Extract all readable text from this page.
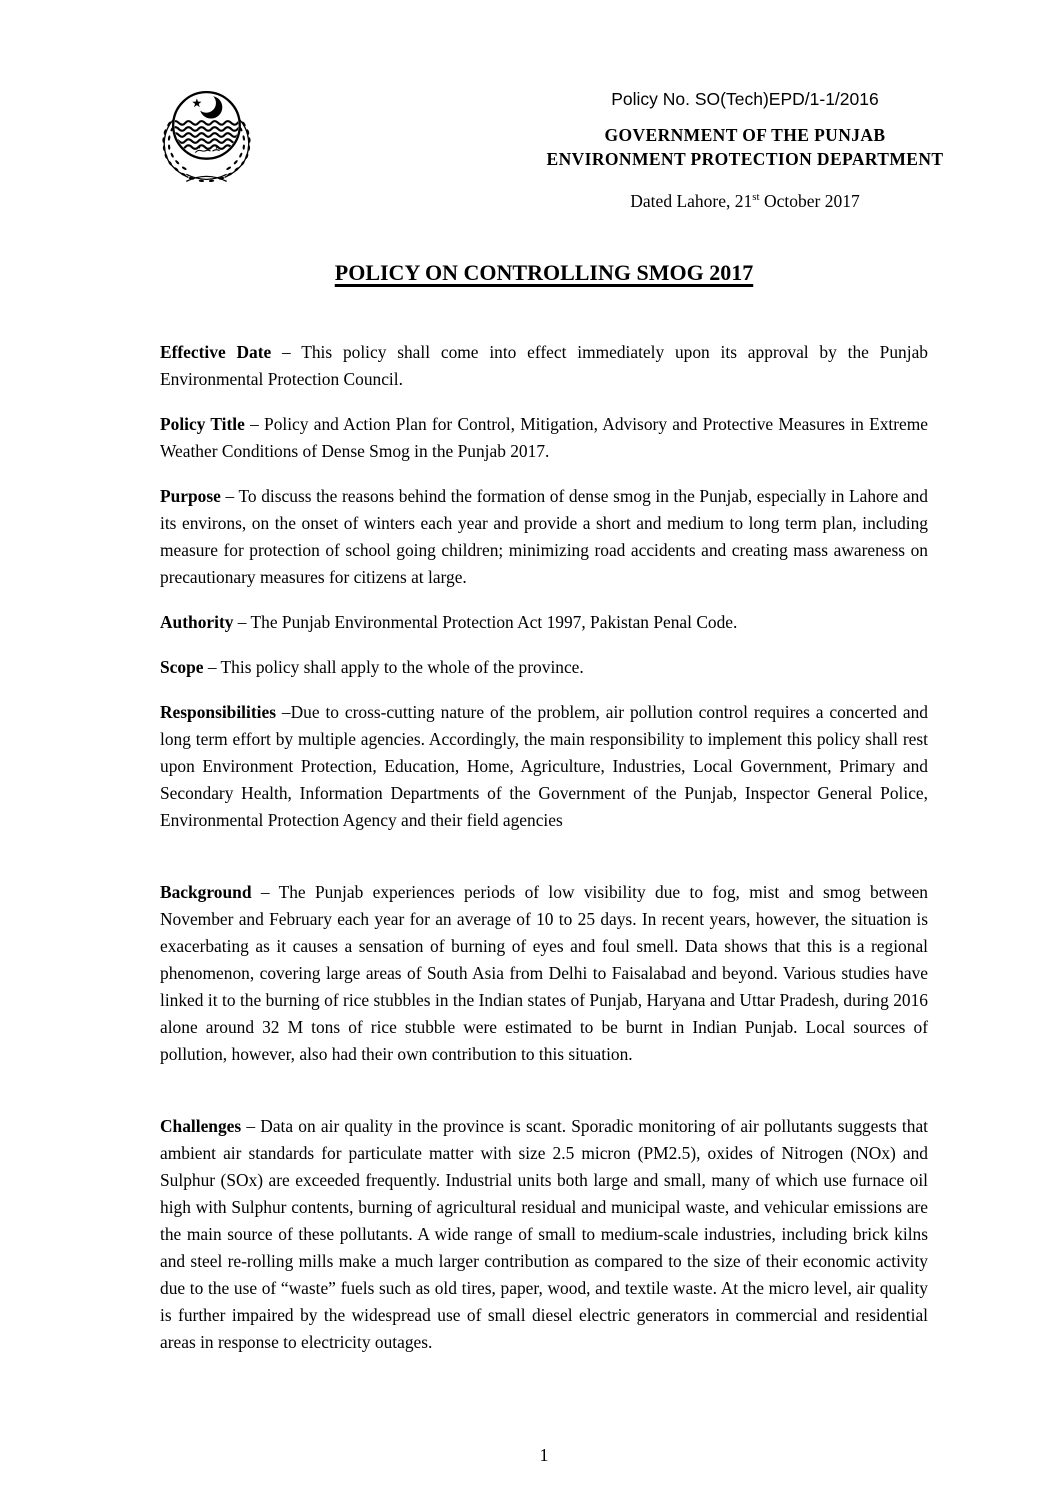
Policy No. SO(Tech)EPD/1-1/2016
GOVERNMENT OF THE PUNJAB
ENVIRONMENT PROTECTION DEPARTMENT
Dated Lahore, 21st October 2017
POLICY ON CONTROLLING SMOG 2017

Effective Date – This policy shall come into effect immediately upon its approval by the Punjab Environmental Protection Council.

Policy Title – Policy and Action Plan for Control, Mitigation, Advisory and Protective Measures in Extreme Weather Conditions of Dense Smog in the Punjab 2017.

Purpose – To discuss the reasons behind the formation of dense smog in the Punjab, especially in Lahore and its environs, on the onset of winters each year and provide a short and medium to long term plan, including measure for protection of school going children; minimizing road accidents and creating mass awareness on precautionary measures for citizens at large.

Authority – The Punjab Environmental Protection Act 1997, Pakistan Penal Code.

Scope – This policy shall apply to the whole of the province.

Responsibilities –Due to cross-cutting nature of the problem, air pollution control requires a concerted and long term effort by multiple agencies. Accordingly, the main responsibility to implement this policy shall rest upon Environment Protection, Education, Home, Agriculture, Industries, Local Government, Primary and Secondary Health, Information Departments of the Government of the Punjab, Inspector General Police, Environmental Protection Agency and their field agencies

Background – The Punjab experiences periods of low visibility due to fog, mist and smog between November and February each year for an average of 10 to 25 days. In recent years, however, the situation is exacerbating as it causes a sensation of burning of eyes and foul smell. Data shows that this is a regional phenomenon, covering large areas of South Asia from Delhi to Faisalabad and beyond. Various studies have linked it to the burning of rice stubbles in the Indian states of Punjab, Haryana and Uttar Pradesh, during 2016 alone around 32 M tons of rice stubble were estimated to be burnt in Indian Punjab. Local sources of pollution, however, also had their own contribution to this situation.

Challenges – Data on air quality in the province is scant. Sporadic monitoring of air pollutants suggests that ambient air standards for particulate matter with size 2.5 micron (PM2.5), oxides of Nitrogen (NOx) and Sulphur (SOx) are exceeded frequently. Industrial units both large and small, many of which use furnace oil high with Sulphur contents, burning of agricultural residual and municipal waste, and vehicular emissions are the main source of these pollutants. A wide range of small to medium-scale industries, including brick kilns and steel re-rolling mills make a much larger contribution as compared to the size of their economic activity due to the use of “waste” fuels such as old tires, paper, wood, and textile waste. At the micro level, air quality is further impaired by the widespread use of small diesel electric generators in commercial and residential areas in response to electricity outages.

1
